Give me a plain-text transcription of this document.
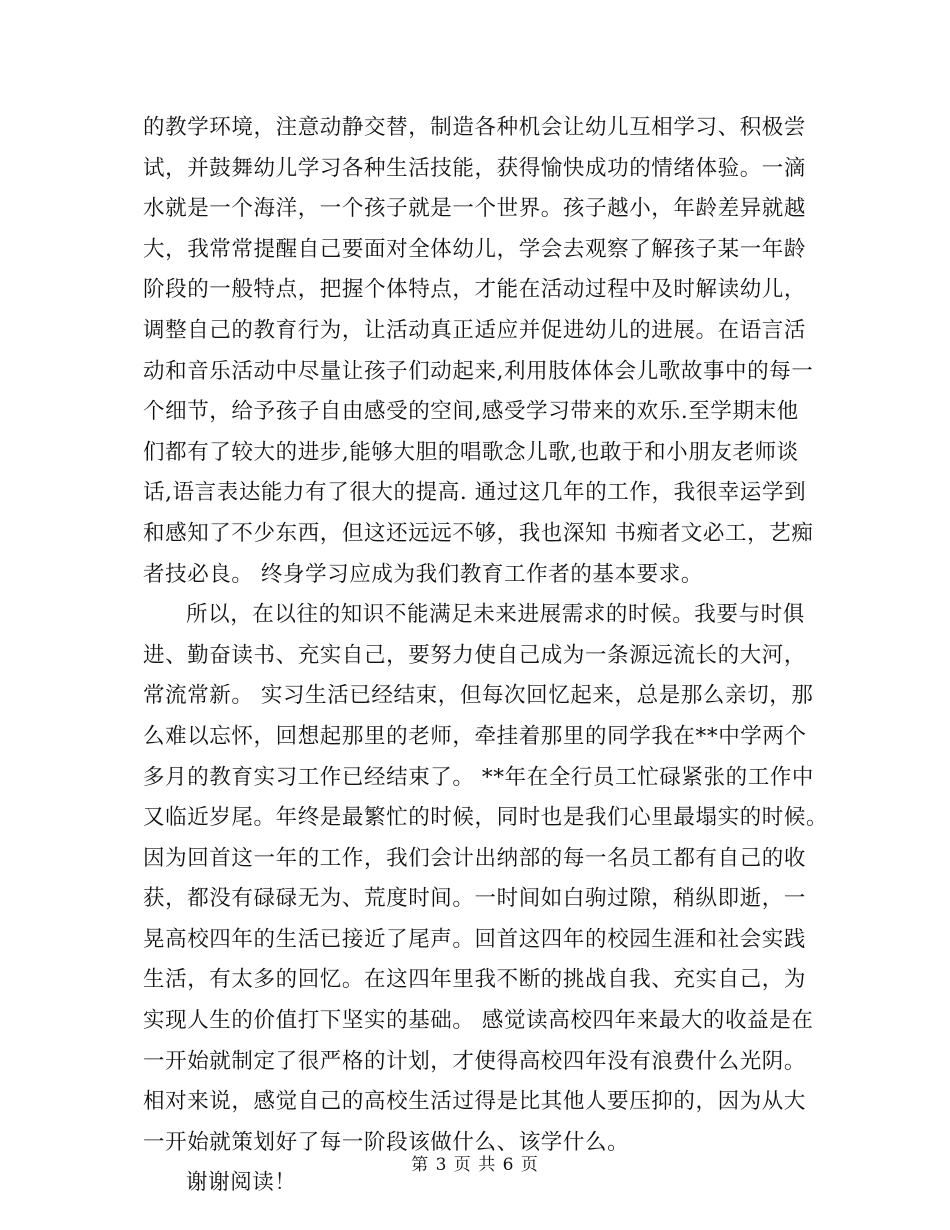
的教学环境，注意动静交替，制造各种机会让幼儿互相学习、积极尝
试，并鼓舞幼儿学习各种生活技能，获得愉快成功的情绪体验。一滴
水就是一个海洋，一个孩子就是一个世界。孩子越小，年龄差异就越
大，我常常提醒自己要面对全体幼儿，学会去观察了解孩子某一年龄
阶段的一般特点，把握个体特点，才能在活动过程中及时解读幼儿，
调整自己的教育行为，让活动真正适应并促进幼儿的进展。在语言活
动和音乐活动中尽量让孩子们动起来,利用肢体体会儿歌故事中的每一
个细节，给予孩子自由感受的空间,感受学习带来的欢乐.至学期末他
们都有了较大的进步,能够大胆的唱歌念儿歌,也敢于和小朋友老师谈
话,语言表达能力有了很大的提高. 通过这几年的工作，我很幸运学到
和感知了不少东西，但这还远远不够，我也深知 书痴者文必工，艺痴
者技必良。 终身学习应成为我们教育工作者的基本要求。
所以，在以往的知识不能满足未来进展需求的时候。我要与时俱
进、勤奋读书、充实自己，要努力使自己成为一条源远流长的大河，
常流常新。 实习生活已经结束，但每次回忆起来，总是那么亲切，那
么难以忘怀，回想起那里的老师，牵挂着那里的同学我在**中学两个
多月的教育实习工作已经结束了。 **年在全行员工忙碌紧张的工作中
又临近岁尾。年终是最繁忙的时候，同时也是我们心里最塌实的时候。
因为回首这一年的工作，我们会计出纳部的每一名员工都有自己的收
获，都没有碌碌无为、荒度时间。一时间如白驹过隙，稍纵即逝，一
晃高校四年的生活已接近了尾声。回首这四年的校园生涯和社会实践
生活，有太多的回忆。在这四年里我不断的挑战自我、充实自己，为
实现人生的价值打下坚实的基础。 感觉读高校四年来最大的收益是在
一开始就制定了很严格的计划，才使得高校四年没有浪费什么光阴。
相对来说，感觉自己的高校生活过得是比其他人要压抑的，因为从大
一开始就策划好了每一阶段该做什么、该学什么。
谢谢阅读！
第 3 页 共 6 页
